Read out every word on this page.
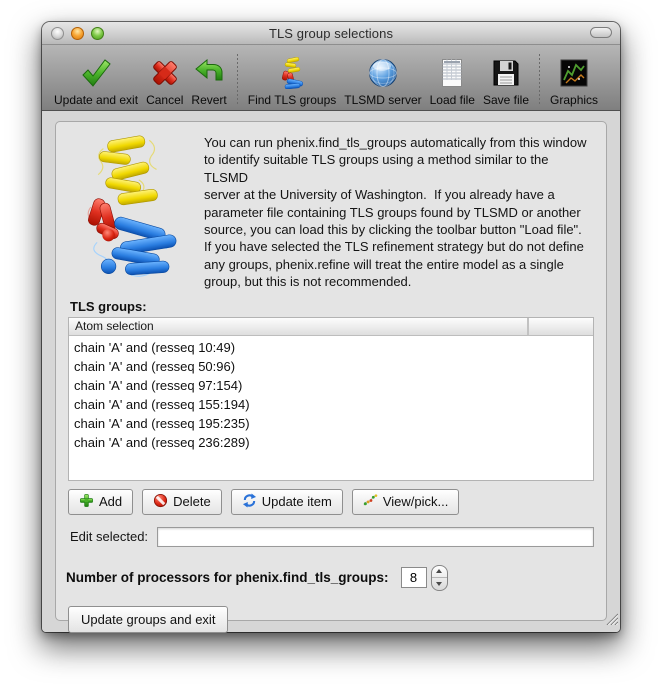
TLS group selections
Update and exit Cancel Revert Find TLS groups TLSMD server Load file Save file Graphics
You can run phenix.find_tls_groups automatically from this window
to identify suitable TLS groups using a method similar to the TLSMD
server at the University of Washington.  If you already have a
parameter file containing TLS groups found by TLSMD or another
source, you can load this by clicking the toolbar button "Load file".
If you have selected the TLS refinement strategy but do not define
any groups, phenix.refine will treat the entire model as a single
group, but this is not recommended.
TLS groups:
Atom selection
chain 'A' and (resseq 10:49)
chain 'A' and (resseq 50:96)
chain 'A' and (resseq 97:154)
chain 'A' and (resseq 155:194)
chain 'A' and (resseq 195:235)
chain 'A' and (resseq 236:289)
Add	Delete	Update item	View/pick...
Edit selected:
Number of processors for phenix.find_tls_groups:
8
Update groups and exit
